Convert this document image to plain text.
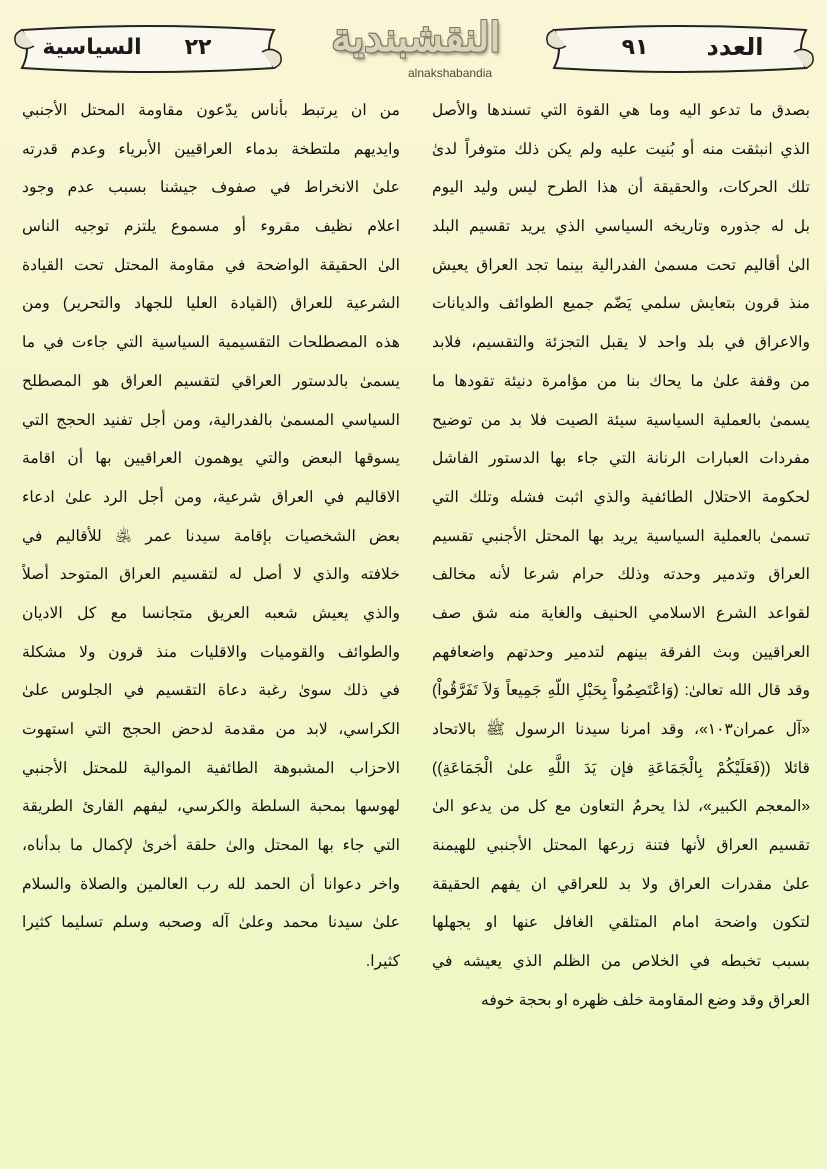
السياسية	٢٢	٩١	العدد
النقشبندية
alnakshabandia
بصدق ما تدعو اليه وما هي القوة التي تسندها والأصل
الذي انبثقت منه أو بُنيت عليه ولم يكن ذلك متوفراً لدىٰ
تلك الحركات، والحقيقة أن هذا الطرح ليس وليد اليوم
بل له جذوره وتاريخه السياسي الذي يريد تقسيم البلد
الىٰ أقاليم تحت مسمىٰ الفدرالية بينما تجد العراق يعيش
منذ قرون بتعايش سلمي يَضّم جميع الطوائف والديانات
والاعراق في بلد واحد لا يقبل التجزئة والتقسيم، فلابد
من وقفة علىٰ ما يحاك بنا من مؤامرة دنيئة تقودها ما
يسمىٰ بالعملية السياسية سيئة الصيت فلا بد من توضيح
مفردات العبارات الرنانة التي جاء بها الدستور الفاشل
لحكومة الاحتلال الطائفية والذي اثبت فشله وتلك التي
تسمىٰ بالعملية السياسية يريد بها المحتل الأجنبي تقسيم
العراق وتدمير وحدته وذلك حرام شرعا لأنه مخالف
لقواعد الشرع الاسلامي الحنيف والغاية منه شق صف
العراقيين وبث الفرقة بينهم لتدمير وحدتهم واضعافهم
وقد قال الله تعالىٰ: (وَاعْتَصِمُواْ بِحَبْلِ اللّهِ جَمِيعاً وَلاَ تَفَرَّقُواْ)
«آل عمران١٠٣»، وقد امرنا سيدنا الرسول ﷺ بالاتحاد
قائلا ((فَعَلَيْكُمْ بِالْجَمَاعَةِ فإن يَدَ اللَّهِ علىٰ الْجَمَاعَةِ))
«المعجم الكبير»، لذا يحرمُ التعاون مع كل من يدعو الىٰ
تقسيم العراق لأنها فتنة زرعها المحتل الأجنبي للهيمنة
علىٰ مقدرات العراق ولا بد للعراقي ان يفهم الحقيقة
لتكون واضحة امام المتلقي الغافل عنها او يجهلها
بسبب تخبطه في الخلاص من الظلم الذي يعيشه في
العراق وقد وضع المقاومة خلف ظهره او بحجة خوفه
من ان يرتبط بأناس يدّعون مقاومة المحتل الأجنبي
وايديهم ملتطخة بدماء العراقيين الأبرياء وعدم قدرته
علىٰ الانخراط في صفوف جيشنا بسبب عدم وجود
اعلام نظيف مقروء أو مسموع يلتزم توجيه الناس
الىٰ الحقيقة الواضحة في مقاومة المحتل تحت القيادة
الشرعية للعراق (القيادة العليا للجهاد والتحرير) ومن
هذه المصطلحات التقسيمية السياسية التي جاءت في ما
يسمىٰ بالدستور العراقي لتقسيم العراق هو المصطلح
السياسي المسمىٰ بالفدرالية، ومن أجل تفنيد الحجج التي
يسوقها البعض والتي يوهمون العراقيين بها أن اقامة
الاقاليم في العراق شرعية، ومن أجل الرد علىٰ ادعاء
بعض الشخصيات بإقامة سيدنا عمر ﵁ للأقاليم في
خلافته والذي لا أصل له لتقسيم العراق المتوحد أصلاً
والذي يعيش شعبه العريق متجانسا مع كل الاديان
والطوائف والقوميات والاقليات منذ قرون ولا مشكلة
في ذلك سوىٰ رغبة دعاة التقسيم في الجلوس علىٰ
الكراسي، لابد من مقدمة لدحض الحجج التي استهوت
الاحزاب المشبوهة الطائفية الموالية للمحتل الأجنبي
لهوسها بمحبة السلطة والكرسي، ليفهم القارئ الطريقة
التي جاء بها المحتل والىٰ حلقة أخرىٰ لإكمال ما بدأناه،
واخر دعوانا أن الحمد لله رب العالمين والصلاة والسلام
علىٰ سيدنا محمد وعلىٰ آله وصحبه وسلم تسليما كثيرا
كثيرا.
